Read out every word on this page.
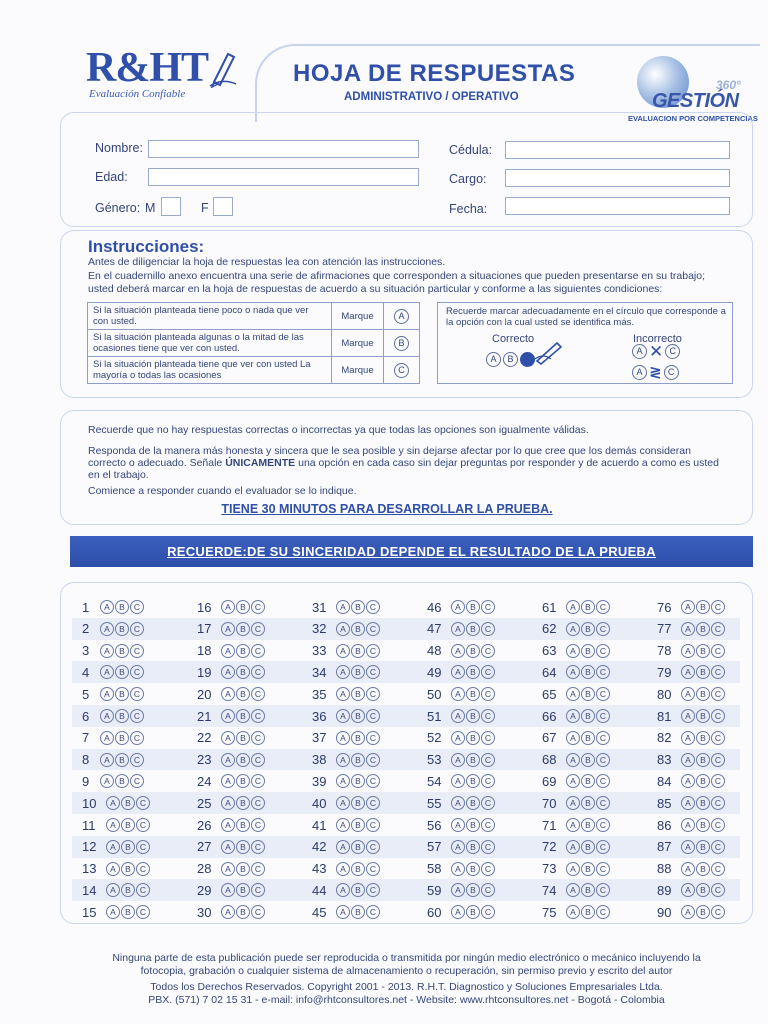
R&HT
Evaluación Confiable
HOJA DE RESPUESTAS
ADMINISTRATIVO / OPERATIVO
360°
GESTIÓN
EVALUACION POR COMPETENCIAS
Nombre:
Edad:
Género: M	F
Cédula:
Cargo:
Fecha:
Instrucciones:
Antes de diligenciar la hoja de respuestas lea con atención las instrucciones.
En el cuadernillo anexo encuentra una serie de afirmaciones que corresponden a situaciones que pueden presentarse en su trabajo;
usted deberá marcar en la hoja de respuestas de acuerdo a su situación particular y conforme a las siguientes condiciones:
Si la situación planteada tiene poco o nada que ver con usted.	Marque	A
Si la situación planteada algunas o la mitad de las ocasiones tiene que ver con usted.	Marque	B
Si la situación planteada tiene que ver con usted La mayoría o todas las ocasiones	Marque	C
Recuerde marcar adecuadamente en el círculo que corresponde a la opción con la cual usted se identifica más.
Correcto	Incorrecto
A	B
A ✕ C
A ≷ C
Recuerde que no hay respuestas correctas o incorrectas ya que todas las opciones son igualmente válidas.
Responda de la manera más honesta y sincera que le sea posible y sin dejarse afectar por lo que cree que los demás consideran
correcto o adecuado. Señale ÚNICAMENTE una opción en cada caso sin dejar preguntas por responder y de acuerdo a como es usted
en el trabajo.
Comience a responder cuando el evaluador se lo indique.
TIENE 30 MINUTOS PARA DESARROLLAR LA PRUEBA.
RECUERDE:DE SU SINCERIDAD DEPENDE EL RESULTADO DE LA PRUEBA
1	A	B	C
2	A	B	C
3	A	B	C
4	A	B	C
5	A	B	C
6	A	B	C
7	A	B	C
8	A	B	C
9	A	B	C
10	A	B	C
11	A	B	C
12	A	B	C
13	A	B	C
14	A	B	C
15	A	B	C
16	A	B	C
17	A	B	C
18	A	B	C
19	A	B	C
20	A	B	C
21	A	B	C
22	A	B	C
23	A	B	C
24	A	B	C
25	A	B	C
26	A	B	C
27	A	B	C
28	A	B	C
29	A	B	C
30	A	B	C
31	A	B	C
32	A	B	C
33	A	B	C
34	A	B	C
35	A	B	C
36	A	B	C
37	A	B	C
38	A	B	C
39	A	B	C
40	A	B	C
41	A	B	C
42	A	B	C
43	A	B	C
44	A	B	C
45	A	B	C
46	A	B	C
47	A	B	C
48	A	B	C
49	A	B	C
50	A	B	C
51	A	B	C
52	A	B	C
53	A	B	C
54	A	B	C
55	A	B	C
56	A	B	C
57	A	B	C
58	A	B	C
59	A	B	C
60	A	B	C
61	A	B	C
62	A	B	C
63	A	B	C
64	A	B	C
65	A	B	C
66	A	B	C
67	A	B	C
68	A	B	C
69	A	B	C
70	A	B	C
71	A	B	C
72	A	B	C
73	A	B	C
74	A	B	C
75	A	B	C
76	A	B	C
77	A	B	C
78	A	B	C
79	A	B	C
80	A	B	C
81	A	B	C
82	A	B	C
83	A	B	C
84	A	B	C
85	A	B	C
86	A	B	C
87	A	B	C
88	A	B	C
89	A	B	C
90	A	B	C
Ninguna parte de esta publicación puede ser reproducida o transmitida por ningún medio electrónico o mecánico incluyendo la
fotocopia, grabación o cualquier sistema de almacenamiento o recuperación, sin permiso previo y escrito del autor
Todos los Derechos Reservados. Copyright 2001 - 2013. R.H.T. Diagnostico y Soluciones Empresariales Ltda.
PBX. (571) 7 02 15 31 - e-mail: info@rhtconsultores.net - Website: www.rhtconsultores.net - Bogotá - Colombia
